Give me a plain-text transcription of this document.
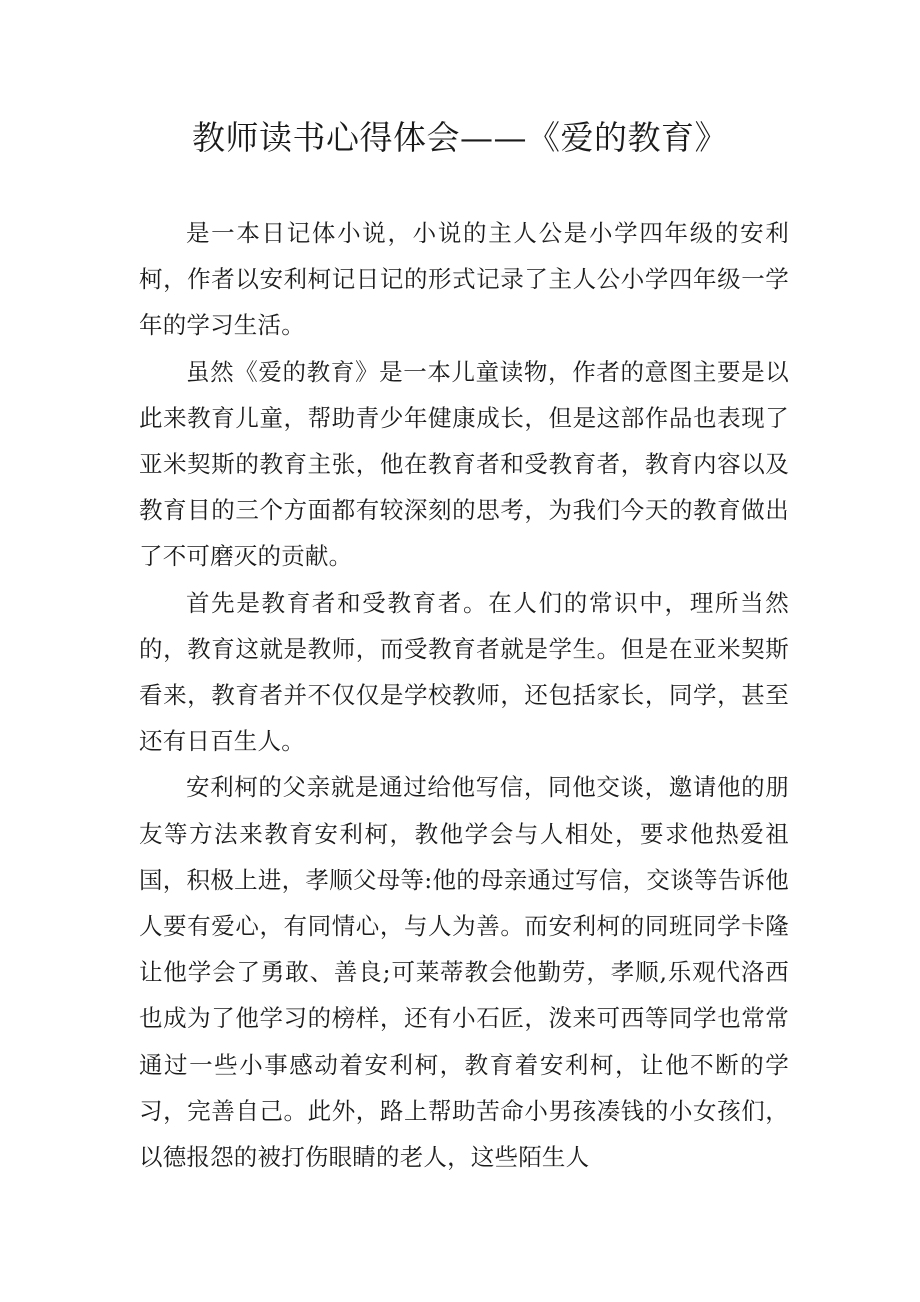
教师读书心得体会——《爱的教育》

是一本日记体小说，小说的主人公是小学四年级的安利柯，作者以安利柯记日记的形式记录了主人公小学四年级一学年的学习生活。

虽然《爱的教育》是一本儿童读物，作者的意图主要是以此来教育儿童，帮助青少年健康成长，但是这部作品也表现了亚米契斯的教育主张，他在教育者和受教育者，教育内容以及教育目的三个方面都有较深刻的思考，为我们今天的教育做出了不可磨灭的贡献。

首先是教育者和受教育者。在人们的常识中，理所当然的，教育这就是教师，而受教育者就是学生。但是在亚米契斯看来，教育者并不仅仅是学校教师，还包括家长，同学，甚至还有日百生人。

安利柯的父亲就是通过给他写信，同他交谈，邀请他的朋友等方法来教育安利柯，教他学会与人相处，要求他热爱祖国，积极上进，孝顺父母等:他的母亲通过写信，交谈等告诉他人要有爱心，有同情心，与人为善。而安利柯的同班同学卡隆让他学会了勇敢、善良;可莱蒂教会他勤劳，孝顺,乐观代洛西也成为了他学习的榜样，还有小石匠，泼来可西等同学也常常通过一些小事感动着安利柯，教育着安利柯，让他不断的学习，完善自己。此外，路上帮助苦命小男孩凑钱的小女孩们，以德报怨的被打伤眼睛的老人，这些陌生人
